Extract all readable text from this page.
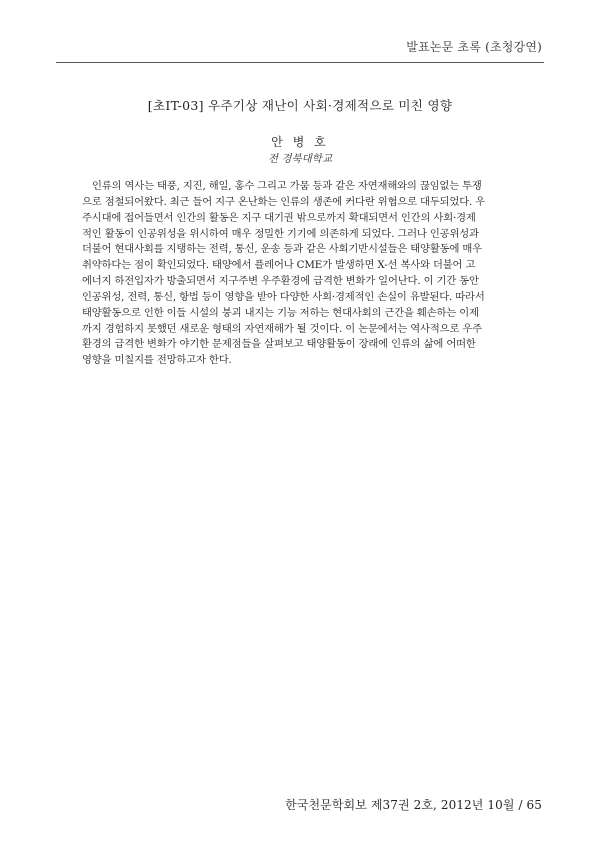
발표논문 초록 (초청강연)
[초IT-03] 우주기상 재난이 사회·경제적으로 미친 영향
안 병 호
전 경북대학교
인류의 역사는 태풍, 지진, 해일, 홍수 그리고 가뭄 등과 같은 자연재해와의 끊임없는 투쟁
으로 점철되어왔다. 최근 들어 지구 온난화는 인류의 생존에 커다란 위협으로 대두되었다. 우
주시대에 접어들면서 인간의 활동은 지구 대기권 밖으로까지 확대되면서 인간의 사회·경제
적인 활동이 인공위성을 위시하여 매우 정밀한 기기에 의존하게 되었다. 그러나 인공위성과
더불어 현대사회를 지탱하는 전력, 통신, 운송 등과 같은 사회기반시설들은 태양활동에 매우
취약하다는 점이 확인되었다. 태양에서 플레어나 CME가 발생하면 X-선 복사와 더불어 고
에너지 하전입자가 방출되면서 지구주변 우주환경에 급격한 변화가 일어난다. 이 기간 동안
인공위성, 전력, 통신, 항법 등이 영향을 받아 다양한 사회·경제적인 손실이 유발된다. 따라서
태양활동으로 인한 이들 시설의 붕괴 내지는 기능 저하는 현대사회의 근간을 훼손하는 이제
까지 경험하지 못했던 새로운 형태의 자연재해가 될 것이다. 이 논문에서는 역사적으로 우주
환경의 급격한 변화가 야기한 문제점들을 살펴보고 태양활동이 장래에 인류의 삶에 어떠한
영향을 미칠지를 전망하고자 한다.
한국천문학회보 제37권 2호, 2012년 10월 / 65
